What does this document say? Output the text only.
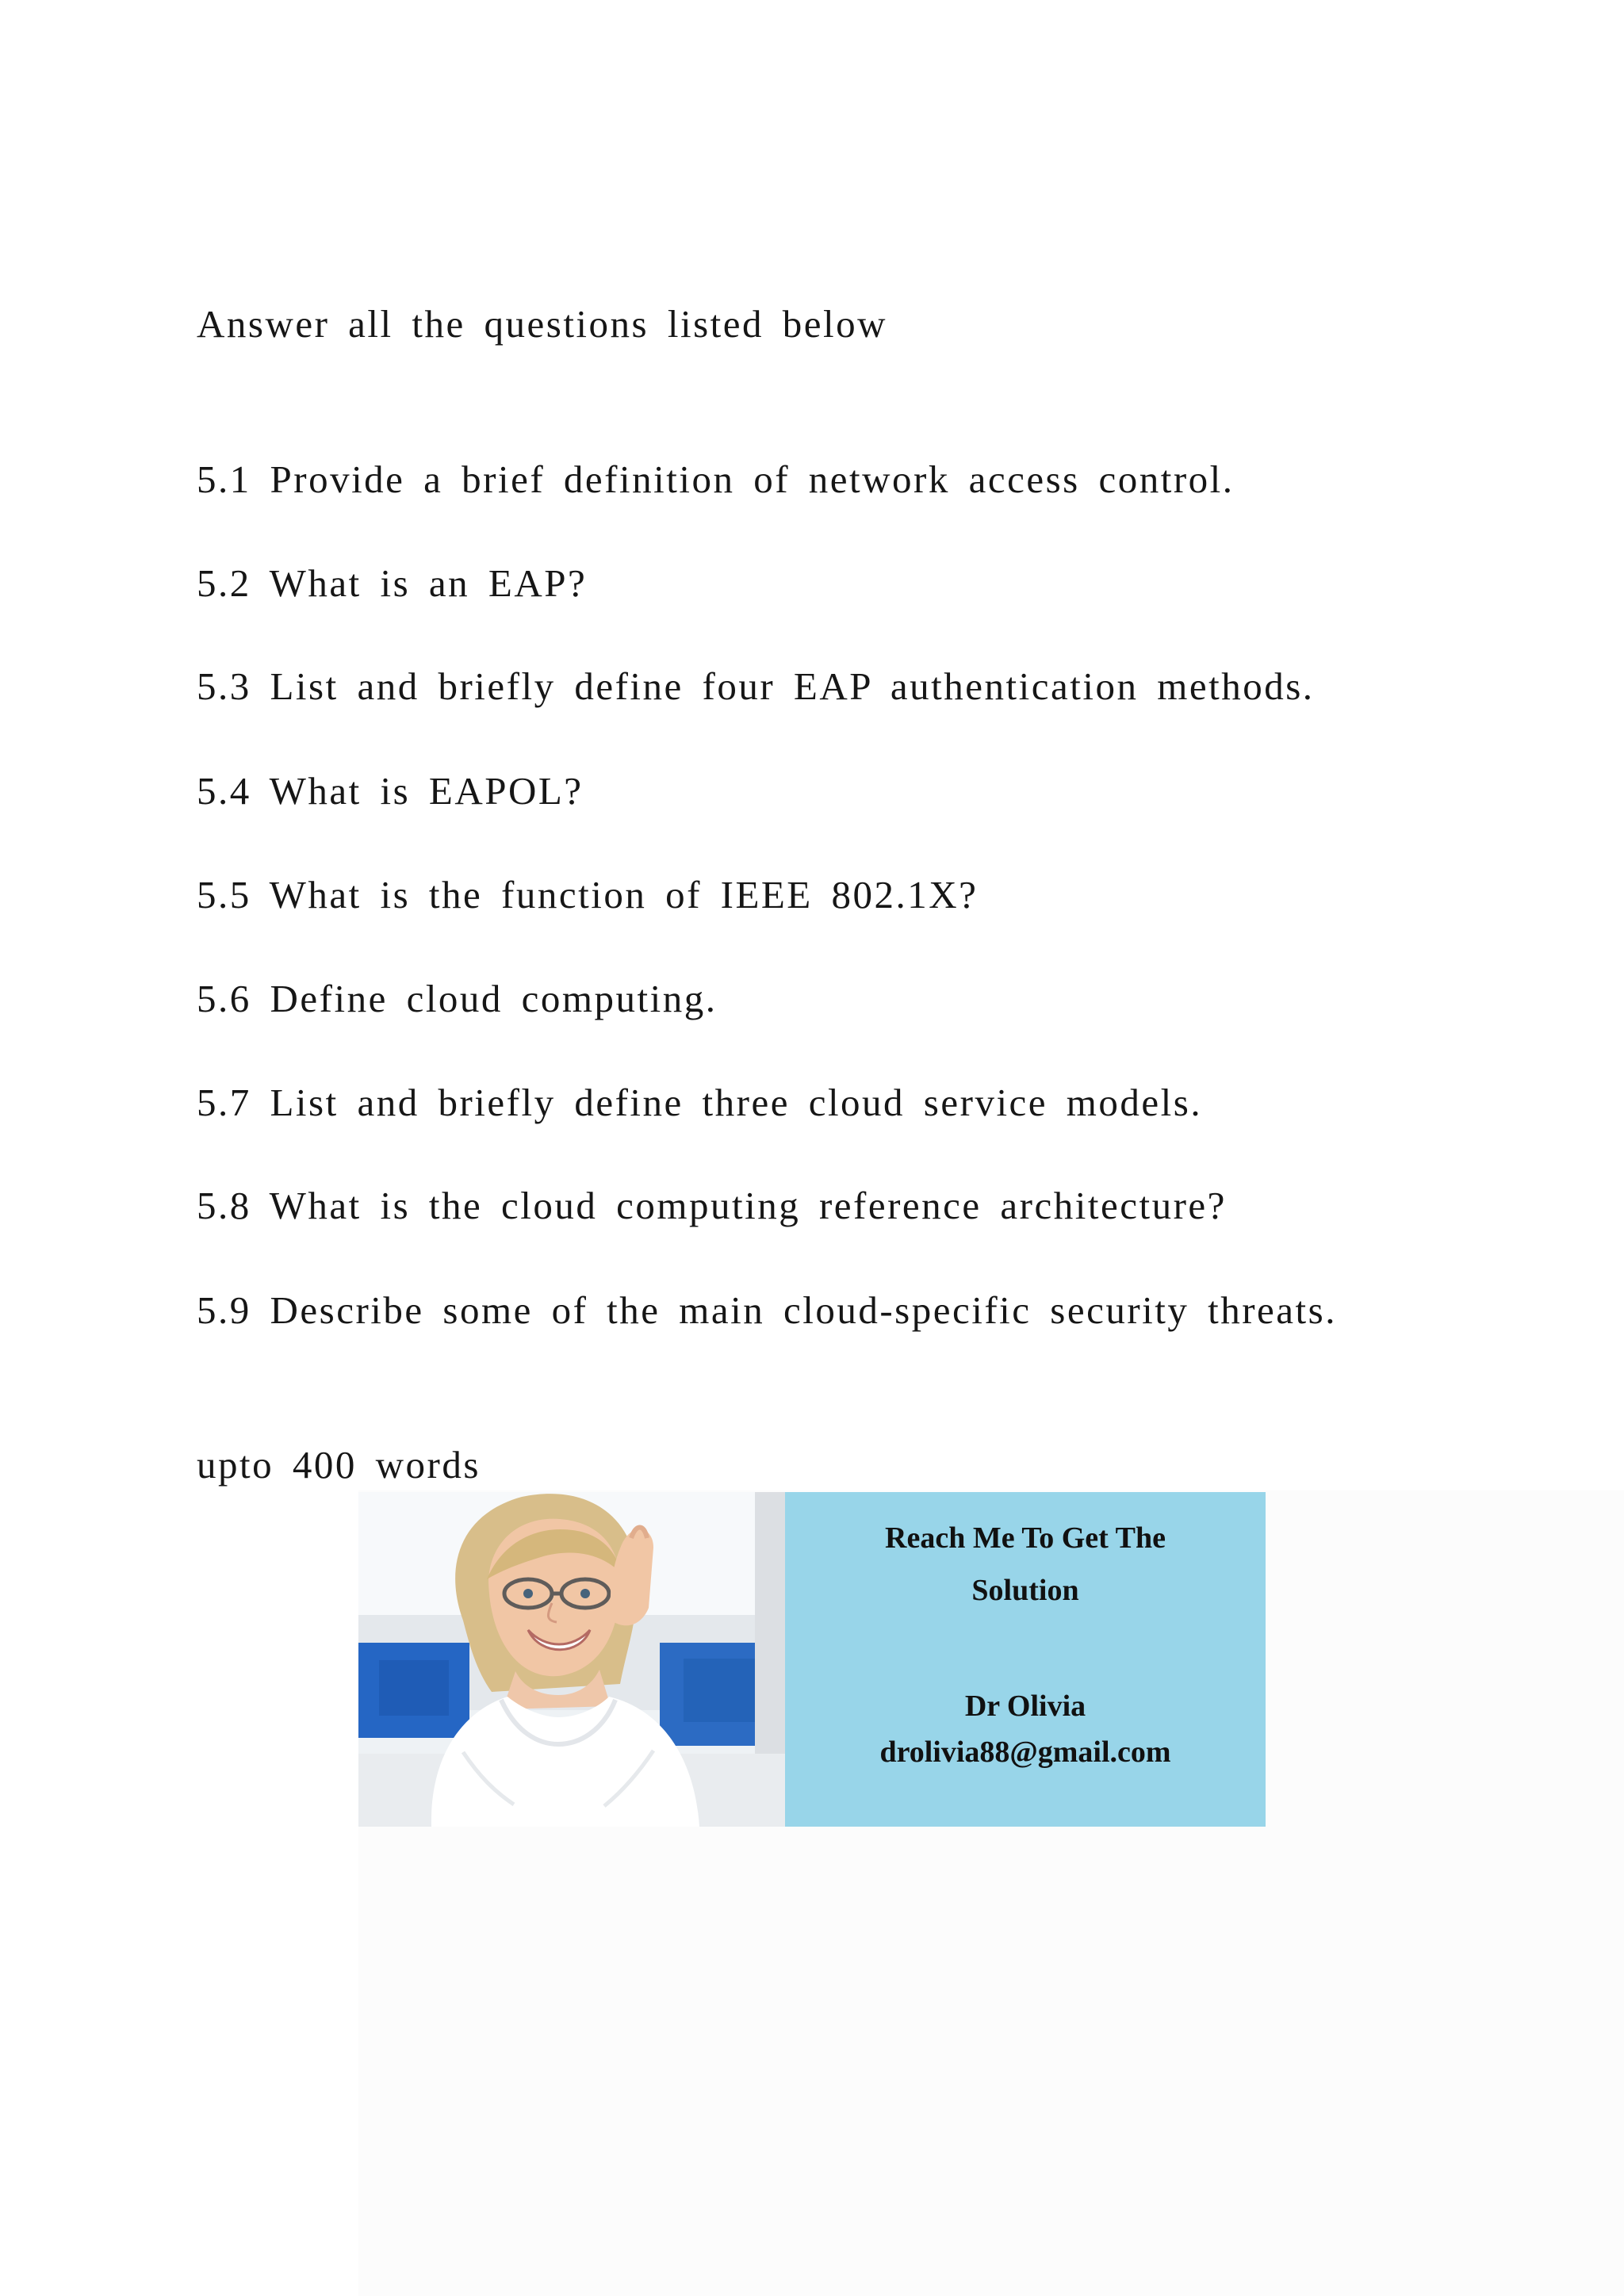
Answer all the questions listed below
5.1 Provide a brief definition of network access control.
5.2 What is an EAP?
5.3 List and briefly define four EAP authentication methods.
5.4 What is EAPOL?
5.5 What is the function of IEEE 802.1X?
5.6 Define cloud computing.
5.7 List and briefly define three cloud service models.
5.8 What is the cloud computing reference architecture?
5.9 Describe some of the main cloud-specific security threats.
upto 400 words
Reach Me To Get The
Solution
Dr Olivia
drolivia88@gmail.com
